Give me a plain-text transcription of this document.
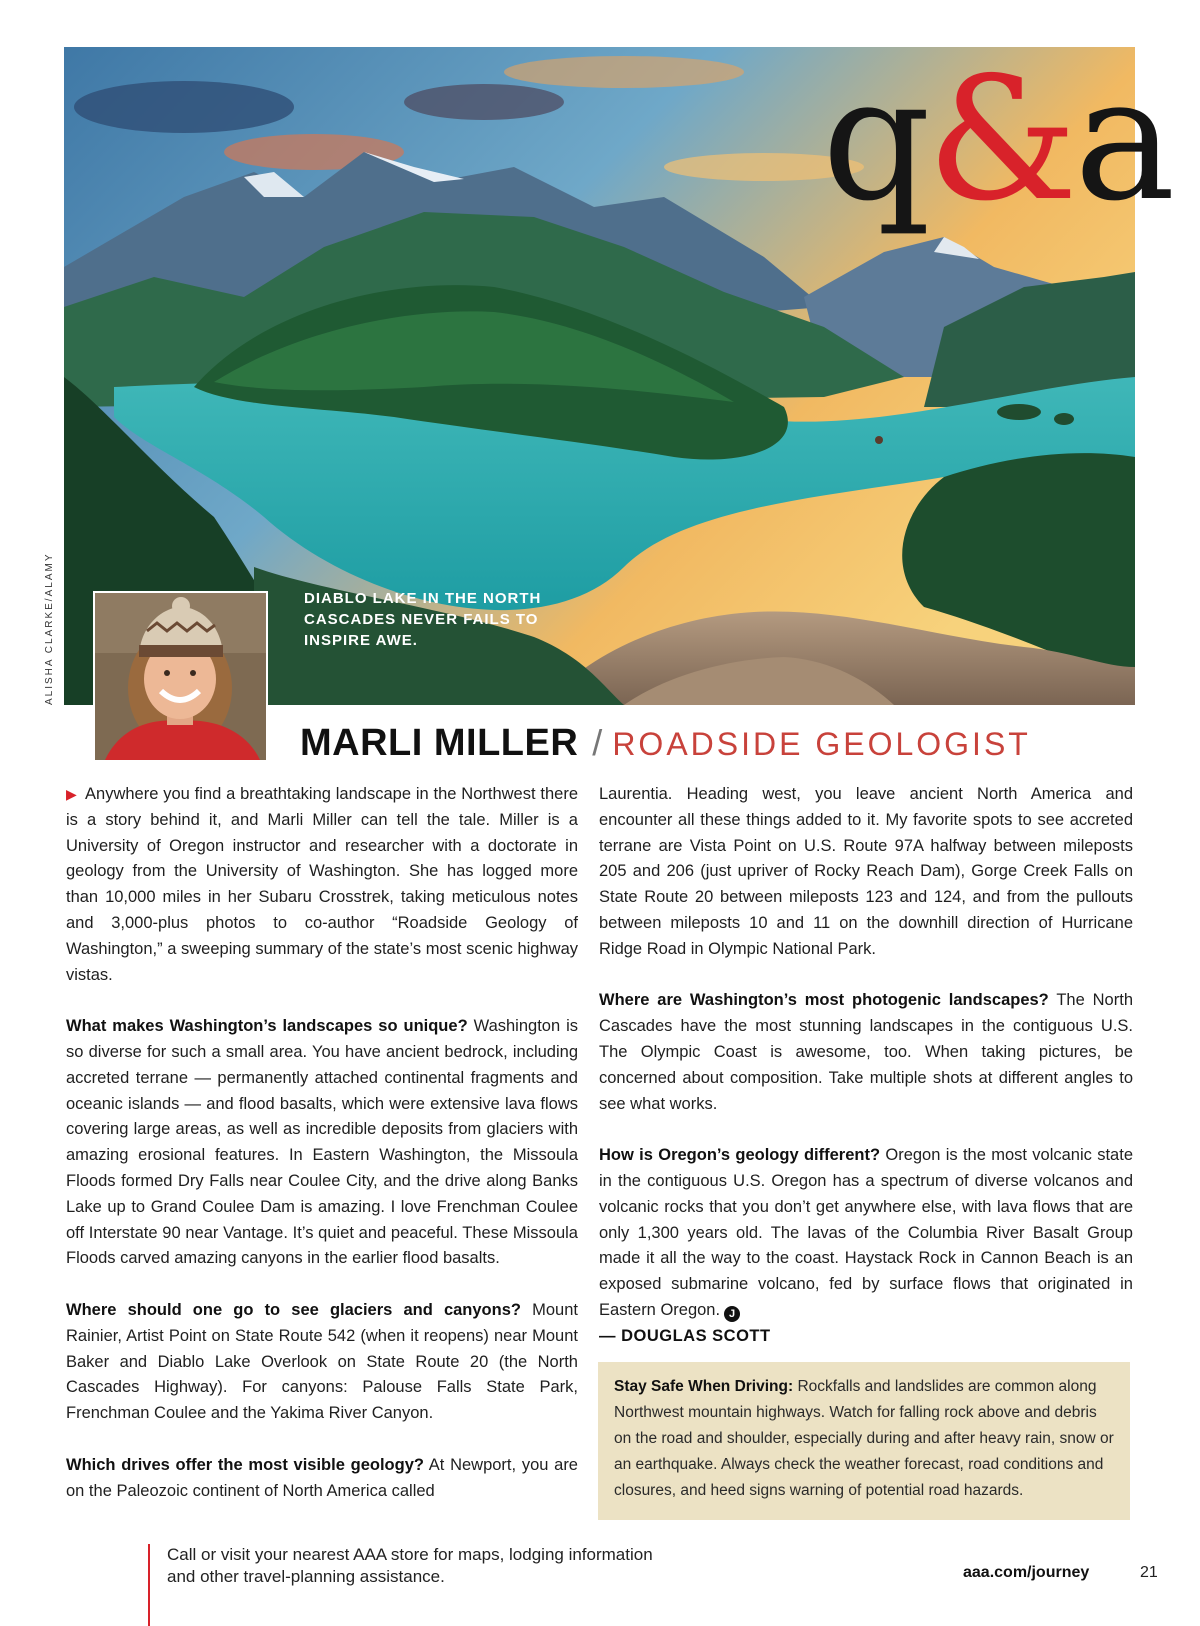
q&a
ALISHA CLARKE/ALAMY	DIABLO LAKE IN THE NORTH CASCADES NEVER FAILS TO INSPIRE AWE.
MARLI MILLER / ROADSIDE GEOLOGIST

▶ Anywhere you find a breathtaking landscape in the Northwest there is a story behind it, and Marli Miller can tell the tale. Miller is a University of Oregon instructor and researcher with a doctorate in geology from the University of Washington. She has logged more than 10,000 miles in her Subaru Crosstrek, taking meticulous notes and 3,000-plus photos to co-author “Roadside Geology of Washington,” a sweeping summary of the state’s most scenic highway vistas.

What makes Washington’s landscapes so unique? Washington is so diverse for such a small area. You have ancient bedrock, including accreted terrane — permanently attached continental fragments and oceanic islands — and flood basalts, which were extensive lava flows covering large areas, as well as incredible deposits from glaciers with amazing erosional features. In Eastern Washington, the Missoula Floods formed Dry Falls near Coulee City, and the drive along Banks Lake up to Grand Coulee Dam is amazing. I love Frenchman Coulee off Interstate 90 near Vantage. It’s quiet and peaceful. These Missoula Floods carved amazing canyons in the earlier flood basalts.

Where should one go to see glaciers and canyons? Mount Rainier, Artist Point on State Route 542 (when it reopens) near Mount Baker and Diablo Lake Overlook on State Route 20 (the North Cascades Highway). For canyons: Palouse Falls State Park, Frenchman Coulee and the Yakima River Canyon.

Which drives offer the most visible geology? At Newport, you are on the Paleozoic continent of North America called

Laurentia. Heading west, you leave ancient North America and encounter all these things added to it. My favorite spots to see accreted terrane are Vista Point on U.S. Route 97A halfway between mileposts 205 and 206 (just upriver of Rocky Reach Dam), Gorge Creek Falls on State Route 20 between mileposts 123 and 124, and from the pullouts between mileposts 10 and 11 on the downhill direction of Hurricane Ridge Road in Olympic National Park.

Where are Washington’s most photogenic landscapes? The North Cascades have the most stunning landscapes in the contiguous U.S. The Olympic Coast is awesome, too. When taking pictures, be concerned about composition. Take multiple shots at different angles to see what works.

How is Oregon’s geology different? Oregon is the most volcanic state in the contiguous U.S. Oregon has a spectrum of diverse volcanos and volcanic rocks that you don’t get anywhere else, with lava flows that are only 1,300 years old. The lavas of the Columbia River Basalt Group made it all the way to the coast. Haystack Rock in Cannon Beach is an exposed submarine volcano, fed by surface flows that originated in Eastern Oregon. J

— DOUGLAS SCOTT
Stay Safe When Driving: Rockfalls and landslides are common along Northwest mountain highways. Watch for falling rock above and debris on the road and shoulder, especially during and after heavy rain, snow or an earthquake. Always check the weather forecast, road conditions and closures, and heed signs warning of potential road hazards.
Call or visit your nearest AAA store for maps, lodging information and other travel-planning assistance.	aaa.com/journey	21
